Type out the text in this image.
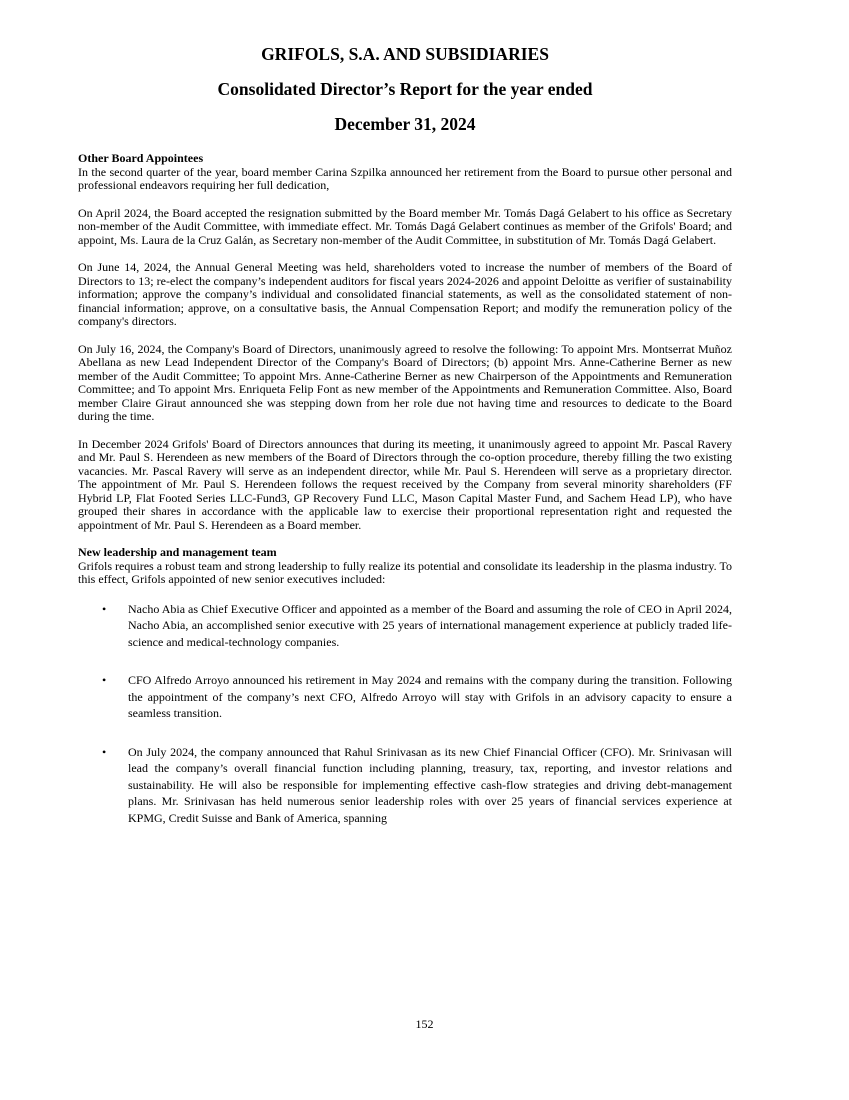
GRIFOLS, S.A. AND SUBSIDIARIES
Consolidated Director’s Report for the year ended
December 31, 2024
Other Board Appointees

In the second quarter of the year, board member Carina Szpilka announced her retirement from the Board to pursue other personal and professional endeavors requiring her full dedication,

On April 2024, the Board accepted the resignation submitted by the Board member Mr. Tomás Dagá Gelabert to his office as Secretary non-member of the Audit Committee, with immediate effect. Mr. Tomás Dagá Gelabert continues as member of the Grifols' Board; and appoint, Ms. Laura de la Cruz Galán, as Secretary non-member of the Audit Committee, in substitution of Mr. Tomás Dagá Gelabert.

On June 14, 2024, the Annual General Meeting was held, shareholders voted to increase the number of members of the Board of Directors to 13; re-elect the company’s independent auditors for fiscal years 2024-2026 and appoint Deloitte as verifier of sustainability information; approve the company’s individual and consolidated financial statements, as well as the consolidated statement of non-financial information; approve, on a consultative basis, the Annual Compensation Report; and modify the remuneration policy of the company's directors.

On July 16, 2024, the Company's Board of Directors, unanimously agreed to resolve the following: To appoint Mrs. Montserrat Muñoz Abellana as new Lead Independent Director of the Company's Board of Directors; (b) appoint Mrs. Anne-Catherine Berner as new member of the Audit Committee; To appoint Mrs. Anne-Catherine Berner as new Chairperson of the Appointments and Remuneration Committee; and To appoint Mrs. Enriqueta Felip Font as new member of the Appointments and Remuneration Committee. Also, Board member Claire Giraut announced she was stepping down from her role due not having time and resources to dedicate to the Board during the time.

In December 2024 Grifols' Board of Directors announces that during its meeting, it unanimously agreed to appoint Mr. Pascal Ravery and Mr. Paul S. Herendeen as new members of the Board of Directors through the co-option procedure, thereby filling the two existing vacancies. Mr. Pascal Ravery will serve as an independent director, while Mr. Paul S. Herendeen will serve as a proprietary director. The appointment of Mr. Paul S. Herendeen follows the request received by the Company from several minority shareholders (FF Hybrid LP, Flat Footed Series LLC-Fund3, GP Recovery Fund LLC, Mason Capital Master Fund, and Sachem Head LP), who have grouped their shares in accordance with the applicable law to exercise their proportional representation right and requested the appointment of Mr. Paul S. Herendeen as a Board member.

New leadership and management team

Grifols requires a robust team and strong leadership to fully realize its potential and consolidate its leadership in the plasma industry. To this effect, Grifols appointed of new senior executives included:

• Nacho Abia as Chief Executive Officer and appointed as a member of the Board and assuming the role of CEO in April 2024, Nacho Abia, an accomplished senior executive with 25 years of international management experience at publicly traded life-science and medical-technology companies.
• CFO Alfredo Arroyo announced his retirement in May 2024 and remains with the company during the transition. Following the appointment of the company’s next CFO, Alfredo Arroyo will stay with Grifols in an advisory capacity to ensure a seamless transition.
• On July 2024, the company announced that Rahul Srinivasan as its new Chief Financial Officer (CFO). Mr. Srinivasan will lead the company’s overall financial function including planning, treasury, tax, reporting, and investor relations and sustainability. He will also be responsible for implementing effective cash-flow strategies and driving debt-management plans. Mr. Srinivasan has held numerous senior leadership roles with over 25 years of financial services experience at KPMG, Credit Suisse and Bank of America, spanning
152
